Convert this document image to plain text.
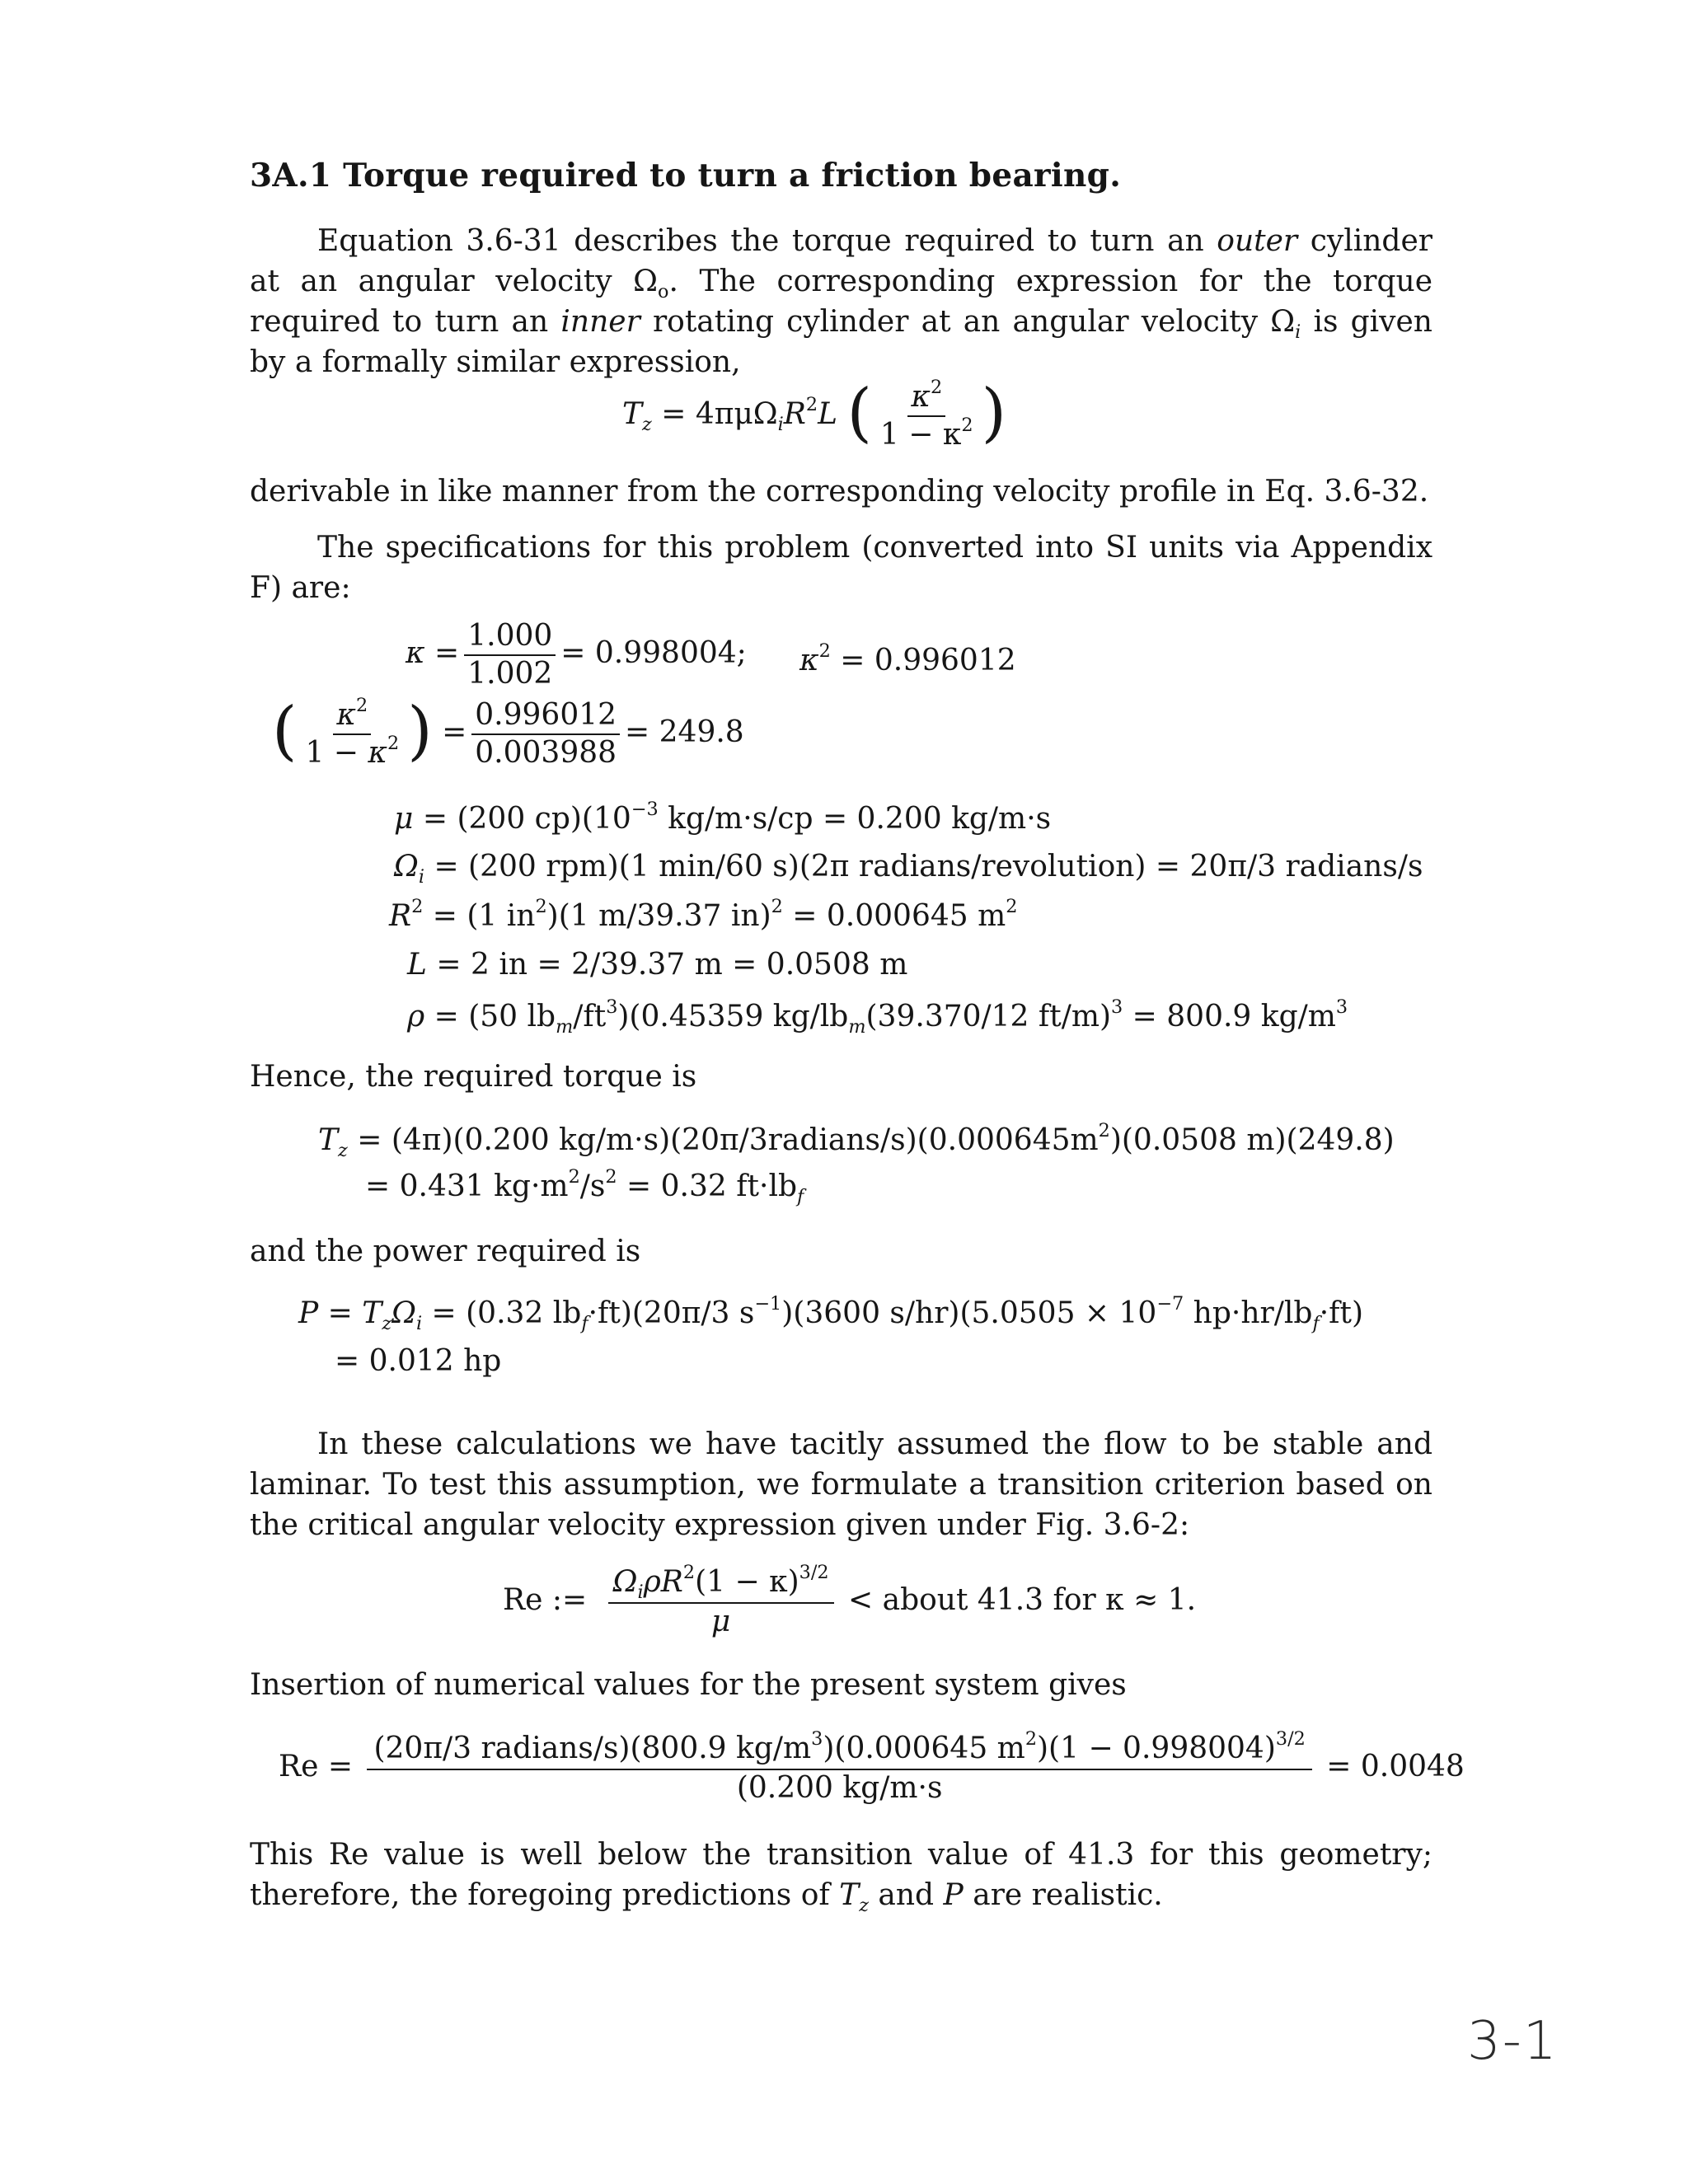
3A.1 Torque required to turn a friction bearing.
Equation 3.6-31 describes the torque required to turn an outer cylinder at an angular velocity $\Omega_o$. The corresponding expression for the torque required to turn an inner rotating cylinder at an angular velocity $\Omega_i$ is given by a formally similar expression,
$T_z = 4\pi\mu\Omega_iR^2L$ ( $\frac{\kappa^2}{1 - \kappa^2}$ )
derivable in like manner from the corresponding velocity profile in Eq. 3.6-32.
The specifications for this problem (converted into SI units via Appendix F) are:
$\kappa = \frac{1.000}{1.002} = 0.998004$; $\kappa^2 = 0.996012$
( $\frac{\kappa^2}{1 - \kappa^2}$ ) = $\frac{0.996012}{0.003988} = 249.8$
μ = (200 $cp)(10^{-3}$ kg/m·s/cp = 0.200 kg/m·s
$\Omega_i = (200$ rpm)(1 min/60 s)(2π radians/revolution) = 20π/3 radians/s
$R^2 = (1$ $in^2)(1$ m/39.37 in)$^2$ = 0.000645 $m^2$
L = 2 in = 2/39.37 m = 0.0508 m
ρ = (50 $lb_m/ft^3)(0.45359$ $kg/lb_m(39.370/12$ ft/m)$^3$ = 800.9 $kg/m^3$
Hence, the required torque is
$T_z = (4\pi)(0.200$ $kg/m\cdot s)(20\pi/3radians/s)(0.000645m^2)(0.0508$ m)(249.8)
= 0.431 $kg\cdot m^2/s^2 = 0.32$ $ft\cdot lb_f$
and the power required is
$P = T_z\Omega_i = (0.32$ $lb_f\cdot ft)(20\pi/3$ $s^{-1})(3600$ $s/hr)(5.0505 \times 10^{-7}$ $hp\cdot hr/lb_f\cdot ft$)
= 0.012 hp
In these calculations we have tacitly assumed the flow to be stable and laminar. To test this assumption, we formulate a transition criterion based on the critical angular velocity expression given under Fig. 3.6-2:
Re := $\frac{\Omega_i\rho R^2(1 - \kappa)^{3/2}}{\mu}$ < about 41.3 for κ ≈ 1.
Insertion of numerical values for the present system gives
$Re = \frac{(20\pi/3 radians/s)(800.9 kg/m^3)(0.000645 m^2)(1 - 0.998004)^{3/2}}{(0.200 kg/m\cdot s} = 0.0048$
This Re value is well below the transition value of 41.3 for this geometry; therefore, the foregoing predictions of $T_z$ and P are realistic.
3-1
